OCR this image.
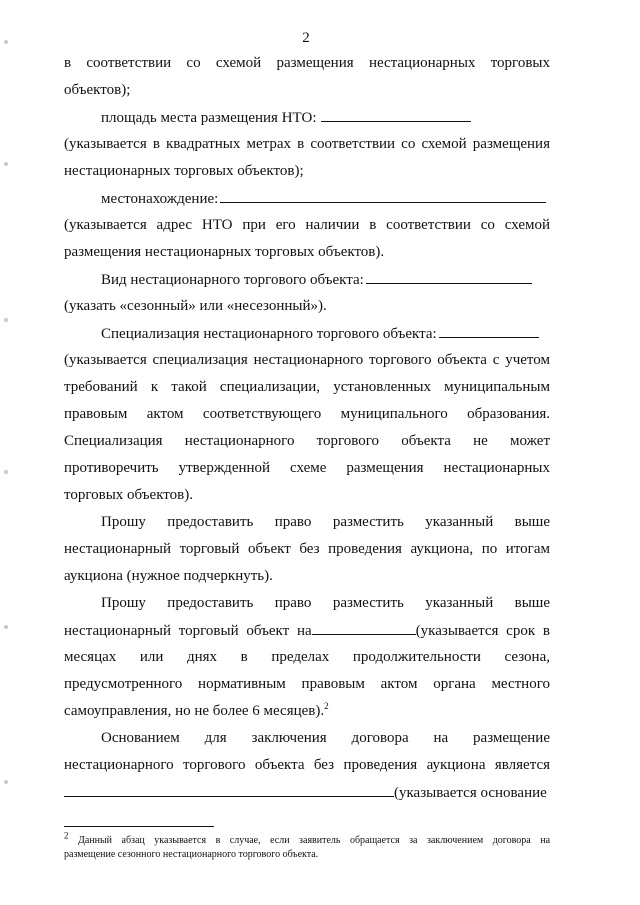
2
в соответствии со схемой размещения нестационарных торговых
объектов);
площадь места размещения НТО:
(указывается в квадратных метрах в соответствии со схемой размещения
нестационарных торговых объектов);
местонахождение:
(указывается адрес НТО при его наличии в соответствии со схемой
размещения нестационарных торговых объектов).
Вид нестационарного торгового объекта:
(указать «сезонный» или «несезонный»).
Специализация нестационарного торгового объекта:
(указывается специализация нестационарного торгового объекта с учетом
требований к такой специализации, установленных муниципальным
правовым актом соответствующего муниципального образования.
Специализация нестационарного торгового объекта не может
противоречить утвержденной схеме размещения нестационарных
торговых объектов).
Прошу предоставить право разместить указанный выше
нестационарный торговый объект без проведения аукциона, по итогам
аукциона (нужное подчеркнуть).
Прошу предоставить право разместить указанный выше
нестационарный торговый объект на	(указывается срок в
месяцах или днях в пределах продолжительности сезона,
предусмотренного нормативным правовым актом органа местного
самоуправления, но не более 6 месяцев).$^2$
Основанием для заключения договора на размещение
нестационарного торгового объекта без проведения аукциона является
(указывается основание
$^2$ Данный абзац указывается в случае, если заявитель обращается за заключением договора на
размещение сезонного нестационарного торгового объекта.
